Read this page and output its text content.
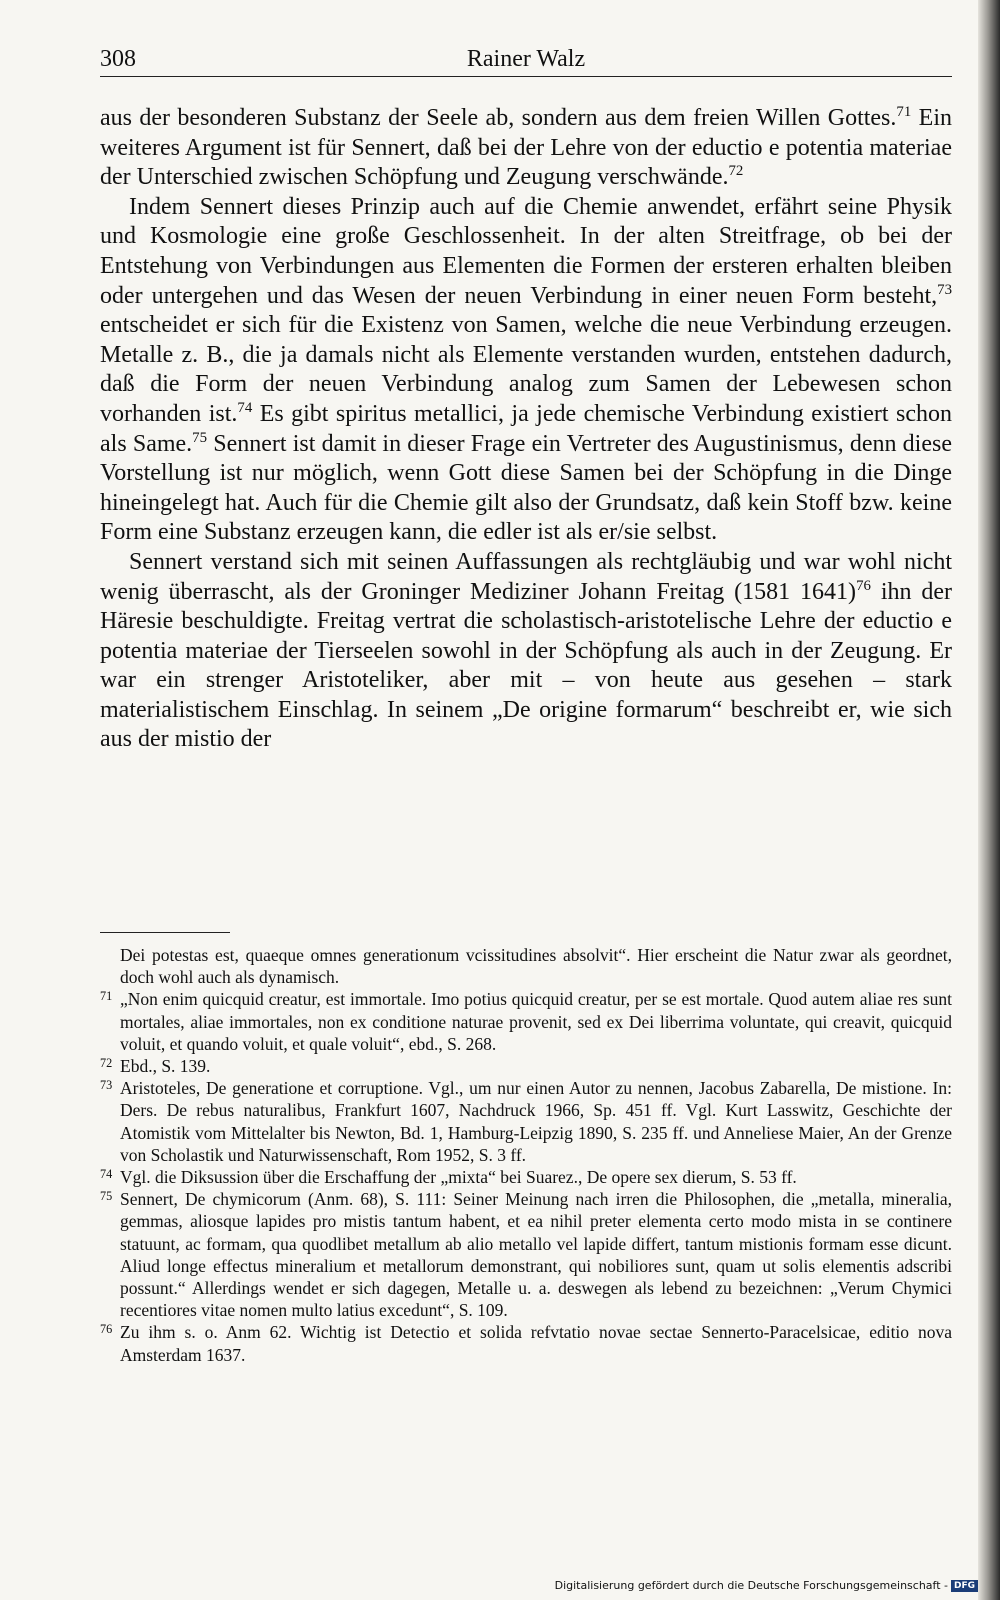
308	Rainer Walz

aus der besonderen Substanz der Seele ab, sondern aus dem freien Willen Gottes.$^{71}$ Ein weiteres Argument ist für Sennert, daß bei der Lehre von der eductio e potentia materiae der Unterschied zwischen Schöpfung und Zeugung verschwände.$^{72}$

Indem Sennert dieses Prinzip auch auf die Chemie anwendet, erfährt seine Physik und Kosmologie eine große Geschlossenheit. In der alten Streitfrage, ob bei der Entstehung von Verbindungen aus Elementen die Formen der ersteren erhalten bleiben oder untergehen und das Wesen der neuen Verbindung in einer neuen Form besteht,$^{73}$ entscheidet er sich für die Existenz von Samen, welche die neue Verbindung erzeugen. Metalle z. B., die ja damals nicht als Elemente verstanden wurden, entstehen dadurch, daß die Form der neuen Verbindung analog zum Samen der Lebewesen schon vorhanden ist.$^{74}$ Es gibt spiritus metallici, ja jede chemische Verbindung existiert schon als Same.$^{75}$ Sennert ist damit in dieser Frage ein Vertreter des Augustinismus, denn diese Vorstellung ist nur möglich, wenn Gott diese Samen bei der Schöpfung in die Dinge hineingelegt hat. Auch für die Chemie gilt also der Grundsatz, daß kein Stoff bzw. keine Form eine Substanz erzeugen kann, die edler ist als er/sie selbst.

Sennert verstand sich mit seinen Auffassungen als rechtgläubig und war wohl nicht wenig überrascht, als der Groninger Mediziner Johann Freitag (1581 1641)$^{76}$ ihn der Häresie beschuldigte. Freitag vertrat die scholastisch-aristotelische Lehre der eductio e potentia materiae der Tierseelen sowohl in der Schöpfung als auch in der Zeugung. Er war ein strenger Aristoteliker, aber mit – von heute aus gesehen – stark materialistischem Einschlag. In seinem „De origine formarum“ beschreibt er, wie sich aus der mistio der

Dei potestas est, quaeque omnes generationum vcissitudines absolvit“. Hier erscheint die Natur zwar als geordnet, doch wohl auch als dynamisch.

71 „Non enim quicquid creatur, est immortale. Imo potius quicquid creatur, per se est mortale. Quod autem aliae res sunt mortales, aliae immortales, non ex conditione naturae provenit, sed ex Dei liberrima voluntate, qui creavit, quicquid voluit, et quando voluit, et quale voluit“, ebd., S. 268.

72 Ebd., S. 139.

73 Aristoteles, De generatione et corruptione. Vgl., um nur einen Autor zu nennen, Jacobus Zabarella, De mistione. In: Ders. De rebus naturalibus, Frankfurt 1607, Nachdruck 1966, Sp. 451 ff. Vgl. Kurt Lasswitz, Geschichte der Atomistik vom Mittelalter bis Newton, Bd. 1, Hamburg-Leipzig 1890, S. 235 ff. und Anneliese Maier, An der Grenze von Scholastik und Naturwissenschaft, Rom 1952, S. 3 ff.

74 Vgl. die Diksussion über die Erschaffung der „mixta“ bei Suarez., De opere sex dierum, S. 53 ff.

75 Sennert, De chymicorum (Anm. 68), S. 111: Seiner Meinung nach irren die Philosophen, die „metalla, mineralia, gemmas, aliosque lapides pro mistis tantum habent, et ea nihil preter elementa certo modo mista in se continere statuunt, ac formam, qua quodlibet metallum ab alio metallo vel lapide differt, tantum mistionis formam esse dicunt. Aliud longe effectus mineralium et metallorum demonstrant, qui nobiliores sunt, quam ut solis elementis adscribi possunt.“ Allerdings wendet er sich dagegen, Metalle u. a. deswegen als lebend zu bezeichnen: „Verum Chymici recentiores vitae nomen multo latius excedunt“, S. 109.

76 Zu ihm s. o. Anm 62. Wichtig ist Detectio et solida refvtatio novae sectae Sennerto-Paracelsicae, editio nova Amsterdam 1637.

Digitalisierung gefördert durch die Deutsche Forschungsgemeinschaft - DFG
